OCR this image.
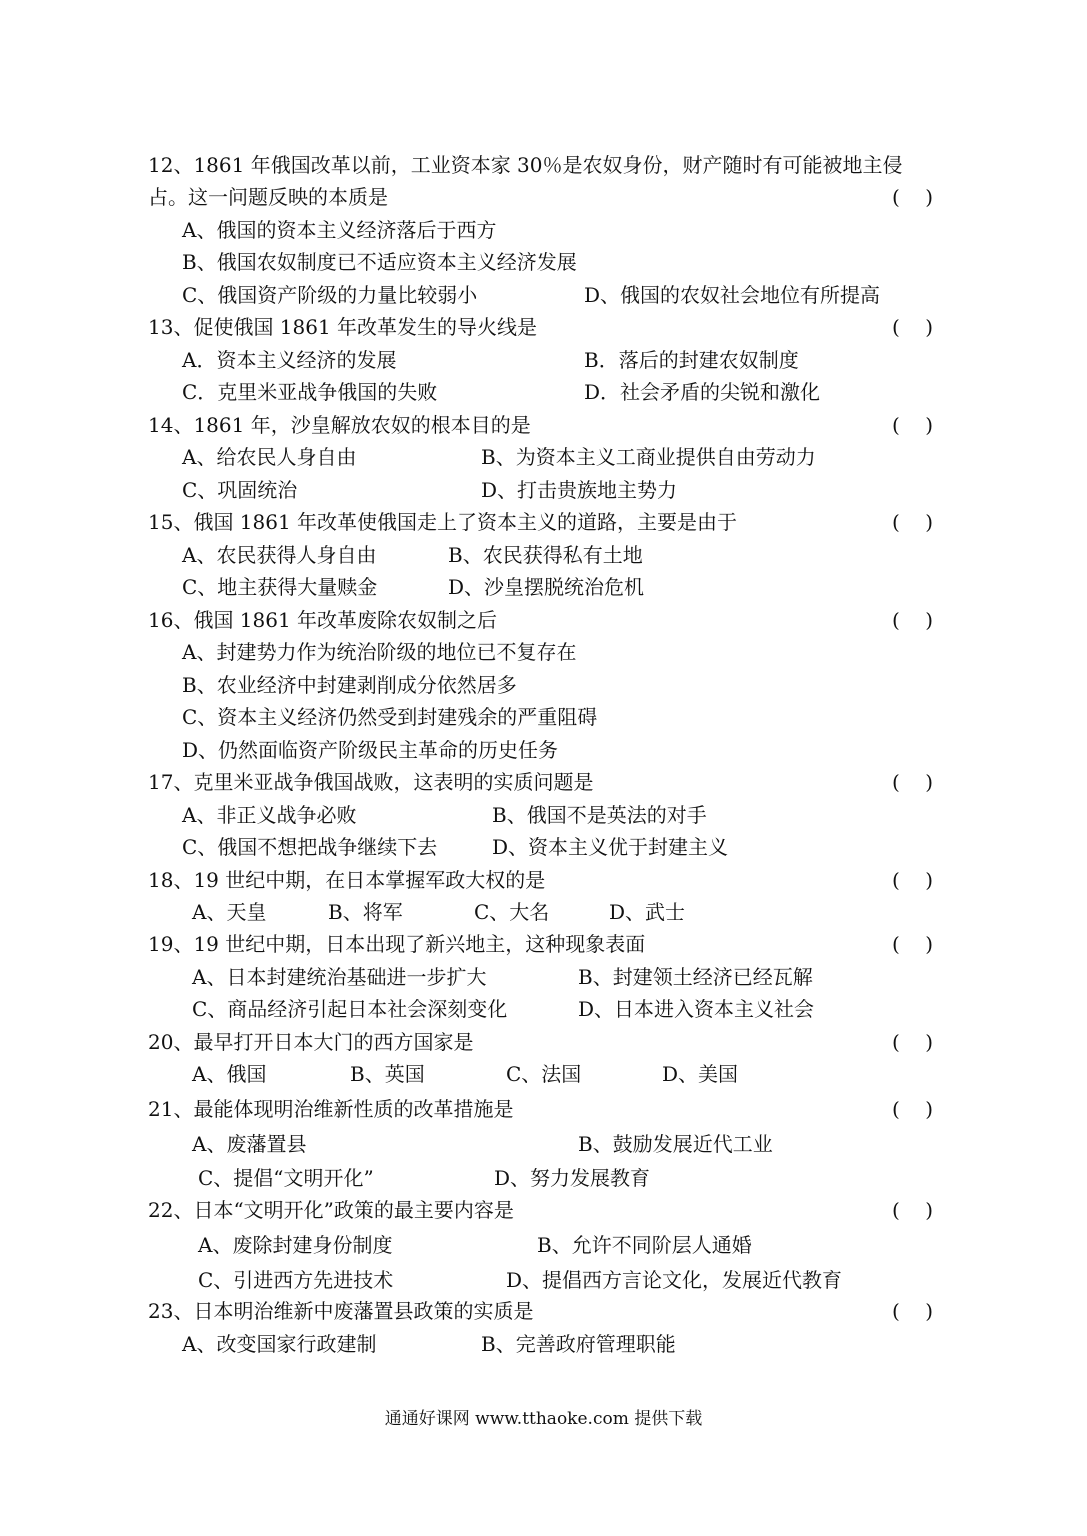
12、1861 年俄国改革以前，工业资本家 30％是农奴身份，财产随时有可能被地主侵
占。这一问题反映的本质是	(    )
A、俄国的资本主义经济落后于西方
B、俄国农奴制度已不适应资本主义经济发展
C、俄国资产阶级的力量比较弱小	D、俄国的农奴社会地位有所提高
13、促使俄国 1861 年改革发生的导火线是	(    )
A．资本主义经济的发展	B．落后的封建农奴制度
C．克里米亚战争俄国的失败	D．社会矛盾的尖锐和激化
14、1861 年，沙皇解放农奴的根本目的是	(    )
A、给农民人身自由	B、为资本主义工商业提供自由劳动力
C、巩固统治	D、打击贵族地主势力
15、俄国 1861 年改革使俄国走上了资本主义的道路，主要是由于	(    )
A、农民获得人身自由	B、农民获得私有土地
C、地主获得大量赎金	D、沙皇摆脱统治危机
16、俄国 1861 年改革废除农奴制之后	(    )
A、封建势力作为统治阶级的地位已不复存在
B、农业经济中封建剥削成分依然居多
C、资本主义经济仍然受到封建残余的严重阻碍
D、仍然面临资产阶级民主革命的历史任务
17、克里米亚战争俄国战败，这表明的实质问题是	(    )
A、非正义战争必败	B、俄国不是英法的对手
C、俄国不想把战争继续下去	D、资本主义优于封建主义
18、19 世纪中期，在日本掌握军政大权的是	(    )
A、天皇	B、将军	C、大名	D、武士
19、19 世纪中期，日本出现了新兴地主，这种现象表面	(    )
A、日本封建统治基础进一步扩大	B、封建领土经济已经瓦解
C、商品经济引起日本社会深刻变化	D、日本进入资本主义社会
20、最早打开日本大门的西方国家是	(    )
A、俄国	B、英国	C、法国	D、美国
21、最能体现明治维新性质的改革措施是	(    )
A、废藩置县	B、鼓励发展近代工业
C、提倡“文明开化”	D、努力发展教育
22、日本“文明开化”政策的最主要内容是	(    )
A、废除封建身份制度	B、允许不同阶层人通婚
C、引进西方先进技术	D、提倡西方言论文化，发展近代教育
23、日本明治维新中废藩置县政策的实质是	(    )
A、改变国家行政建制	B、完善政府管理职能
通通好课网 www.tthaoke.com 提供下载
